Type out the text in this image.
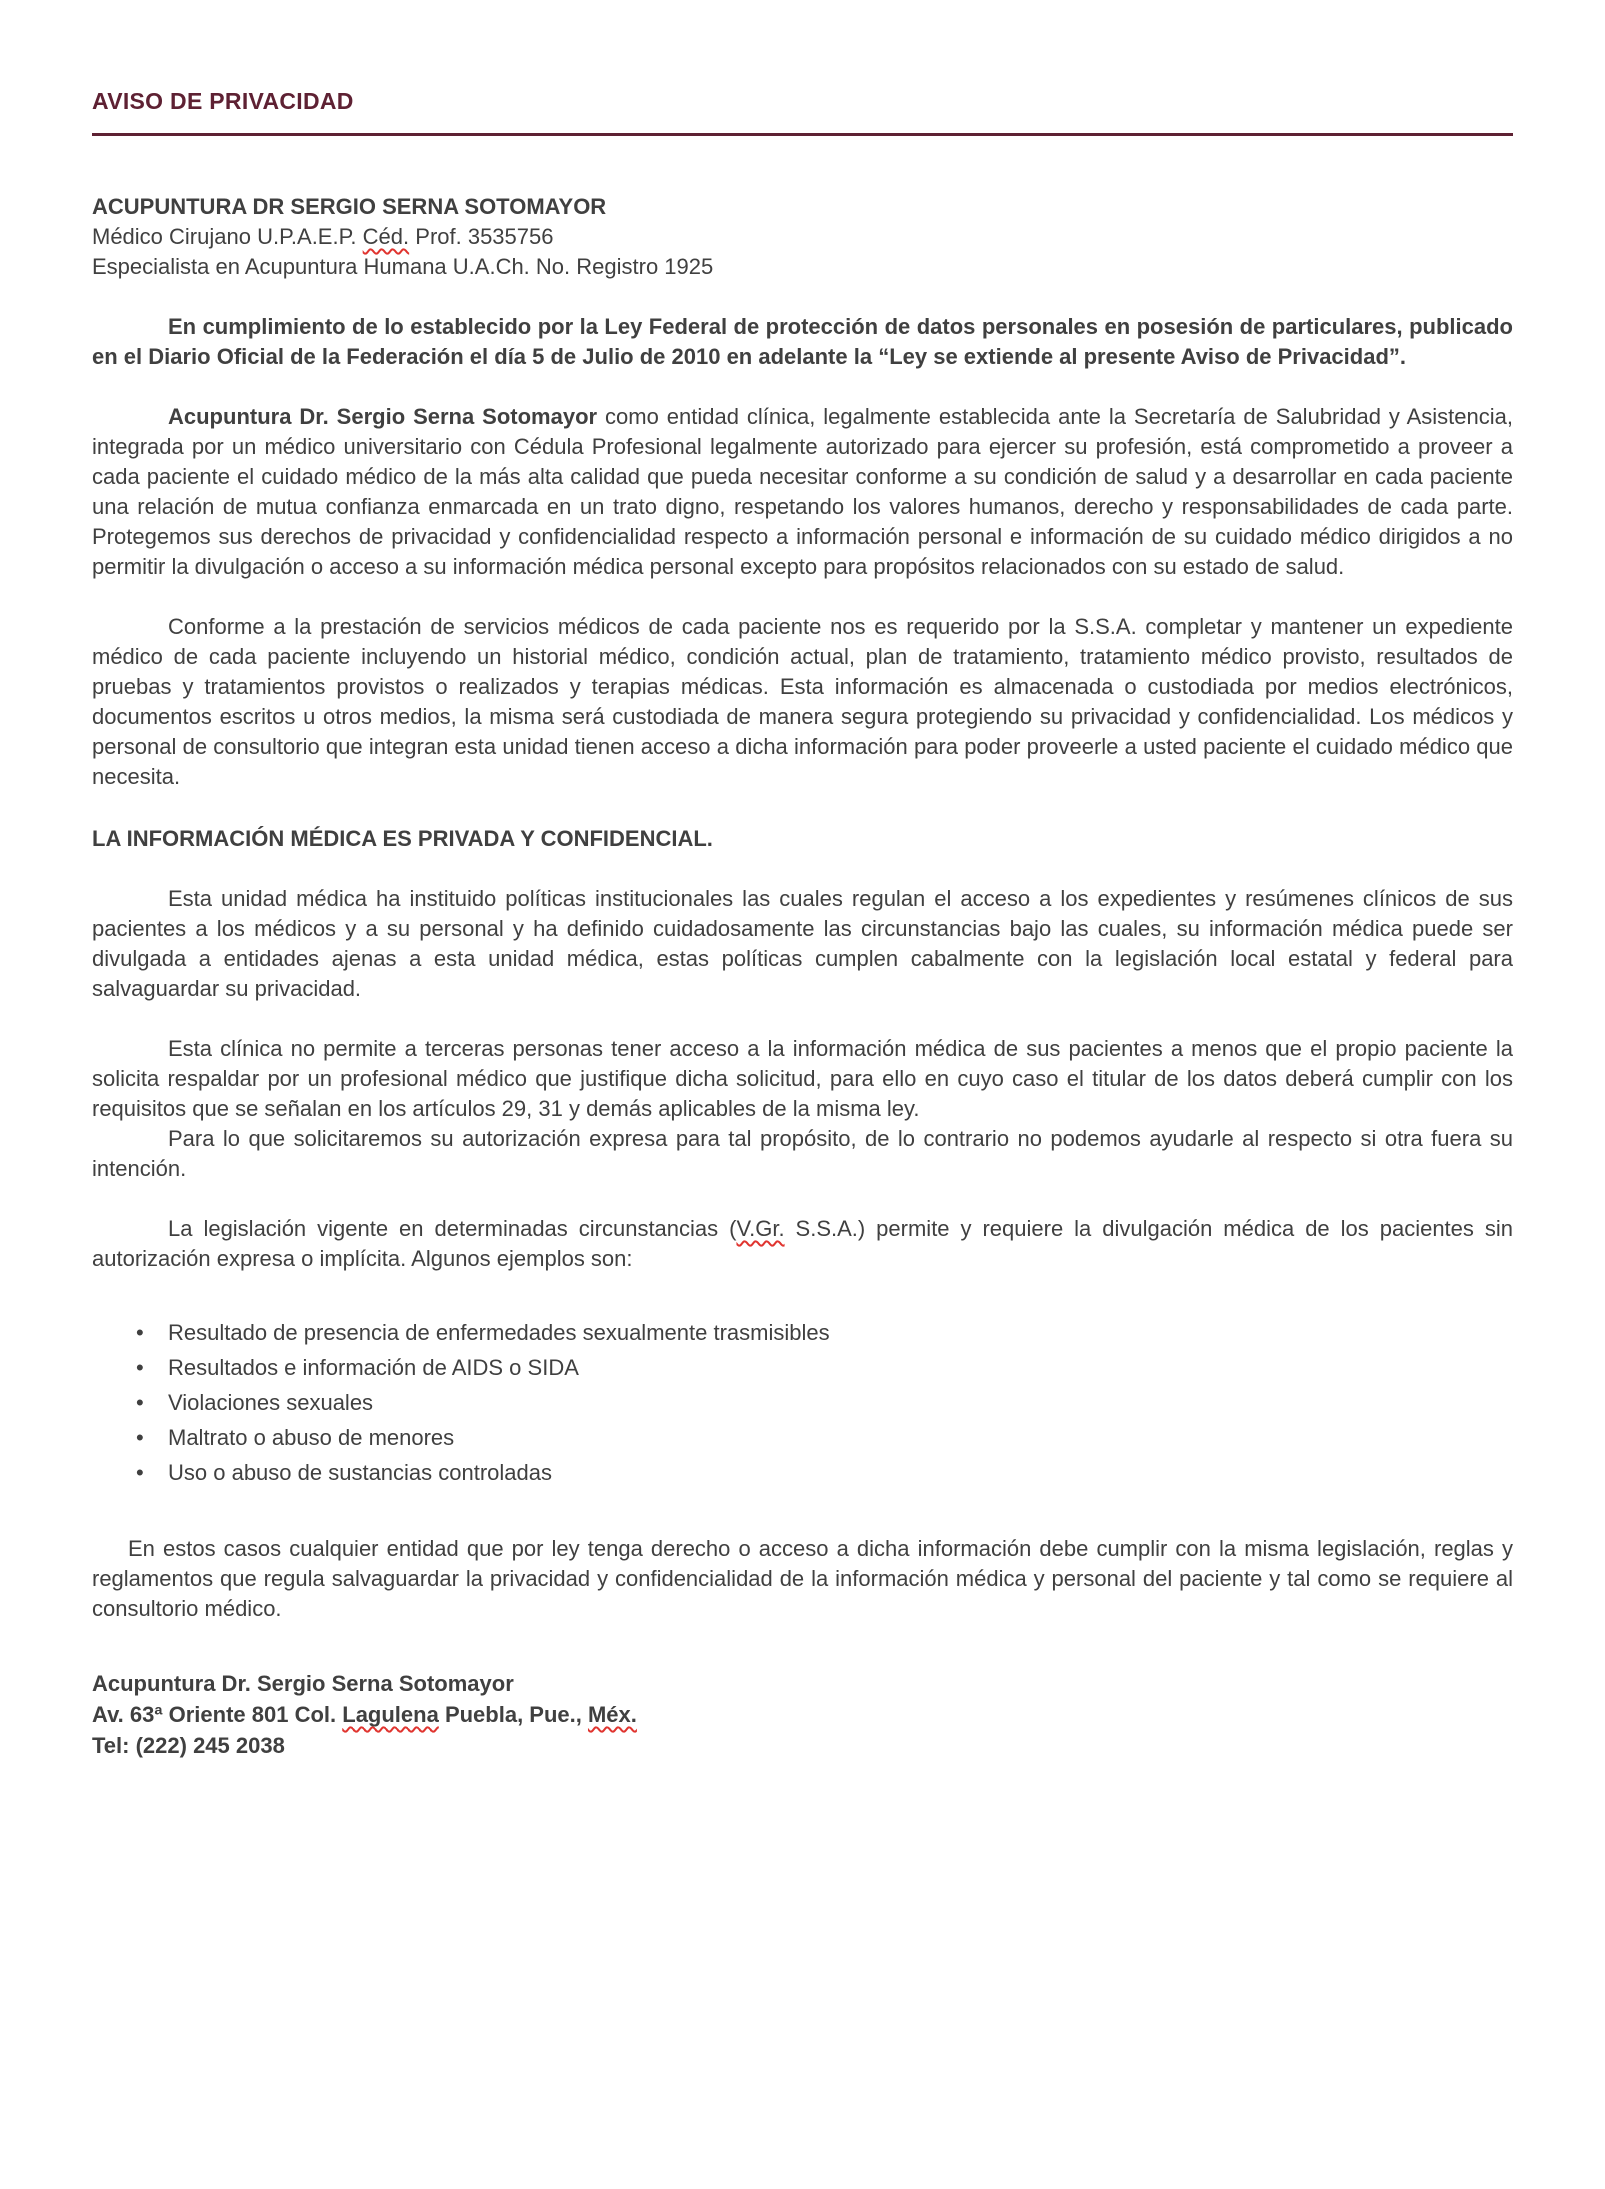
AVISO DE PRIVACIDAD
ACUPUNTURA DR SERGIO SERNA SOTOMAYOR
Médico Cirujano U.P.A.E.P. Céd. Prof. 3535756
Especialista en Acupuntura Humana U.A.Ch. No. Registro 1925

En cumplimiento de lo establecido por la Ley Federal de protección de datos personales en posesión de particulares, publicado en el Diario Oficial de la Federación el día 5 de Julio de 2010 en adelante la “Ley se extiende al presente Aviso de Privacidad”.

Acupuntura Dr. Sergio Serna Sotomayor como entidad clínica, legalmente establecida ante la Secretaría de Salubridad y Asistencia, integrada por un médico universitario con Cédula Profesional legalmente autorizado para ejercer su profesión, está comprometido a proveer a cada paciente el cuidado médico de la más alta calidad que pueda necesitar conforme a su condición de salud y a desarrollar en cada paciente una relación de mutua confianza enmarcada en un trato digno, respetando los valores humanos, derecho y responsabilidades de cada parte. Protegemos sus derechos de privacidad y confidencialidad respecto a información personal e información de su cuidado médico dirigidos a no permitir la divulgación o acceso a su información médica personal excepto para propósitos relacionados con su estado de salud.

Conforme a la prestación de servicios médicos de cada paciente nos es requerido por la S.S.A. completar y mantener un expediente médico de cada paciente incluyendo un historial médico, condición actual, plan de tratamiento, tratamiento médico provisto, resultados de pruebas y tratamientos provistos o realizados y terapias médicas. Esta información es almacenada o custodiada por medios electrónicos, documentos escritos u otros medios, la misma será custodiada de manera segura protegiendo su privacidad y confidencialidad. Los médicos y personal de consultorio que integran esta unidad tienen acceso a dicha información para poder proveerle a usted paciente el cuidado médico que necesita.

LA INFORMACIÓN MÉDICA ES PRIVADA Y CONFIDENCIAL.

Esta unidad médica ha instituido políticas institucionales las cuales regulan el acceso a los expedientes y resúmenes clínicos de sus pacientes a los médicos y a su personal y ha definido cuidadosamente las circunstancias bajo las cuales, su información médica puede ser divulgada a entidades ajenas a esta unidad médica, estas políticas cumplen cabalmente con la legislación local estatal y federal para salvaguardar su privacidad.

Esta clínica no permite a terceras personas tener acceso a la información médica de sus pacientes a menos que el propio paciente la solicita respaldar por un profesional médico que justifique dicha solicitud, para ello en cuyo caso el titular de los datos deberá cumplir con los requisitos que se señalan en los artículos 29, 31 y demás aplicables de la misma ley.

Para lo que solicitaremos su autorización expresa para tal propósito, de lo contrario no podemos ayudarle al respecto si otra fuera su intención.

La legislación vigente en determinadas circunstancias (V.Gr. S.S.A.) permite y requiere la divulgación médica de los pacientes sin autorización expresa o implícita. Algunos ejemplos son:

• Resultado de presencia de enfermedades sexualmente trasmisibles
• Resultados e información de AIDS o SIDA
• Violaciones sexuales
• Maltrato o abuso de menores
• Uso o abuso de sustancias controladas

En estos casos cualquier entidad que por ley tenga derecho o acceso a dicha información debe cumplir con la misma legislación, reglas y reglamentos que regula salvaguardar la privacidad y confidencialidad de la información médica y personal del paciente y tal como se requiere al consultorio médico.

Acupuntura Dr. Sergio Serna Sotomayor
Av. 63ª Oriente 801 Col. Lagulena Puebla, Pue., Méx.
Tel: (222) 245 2038
